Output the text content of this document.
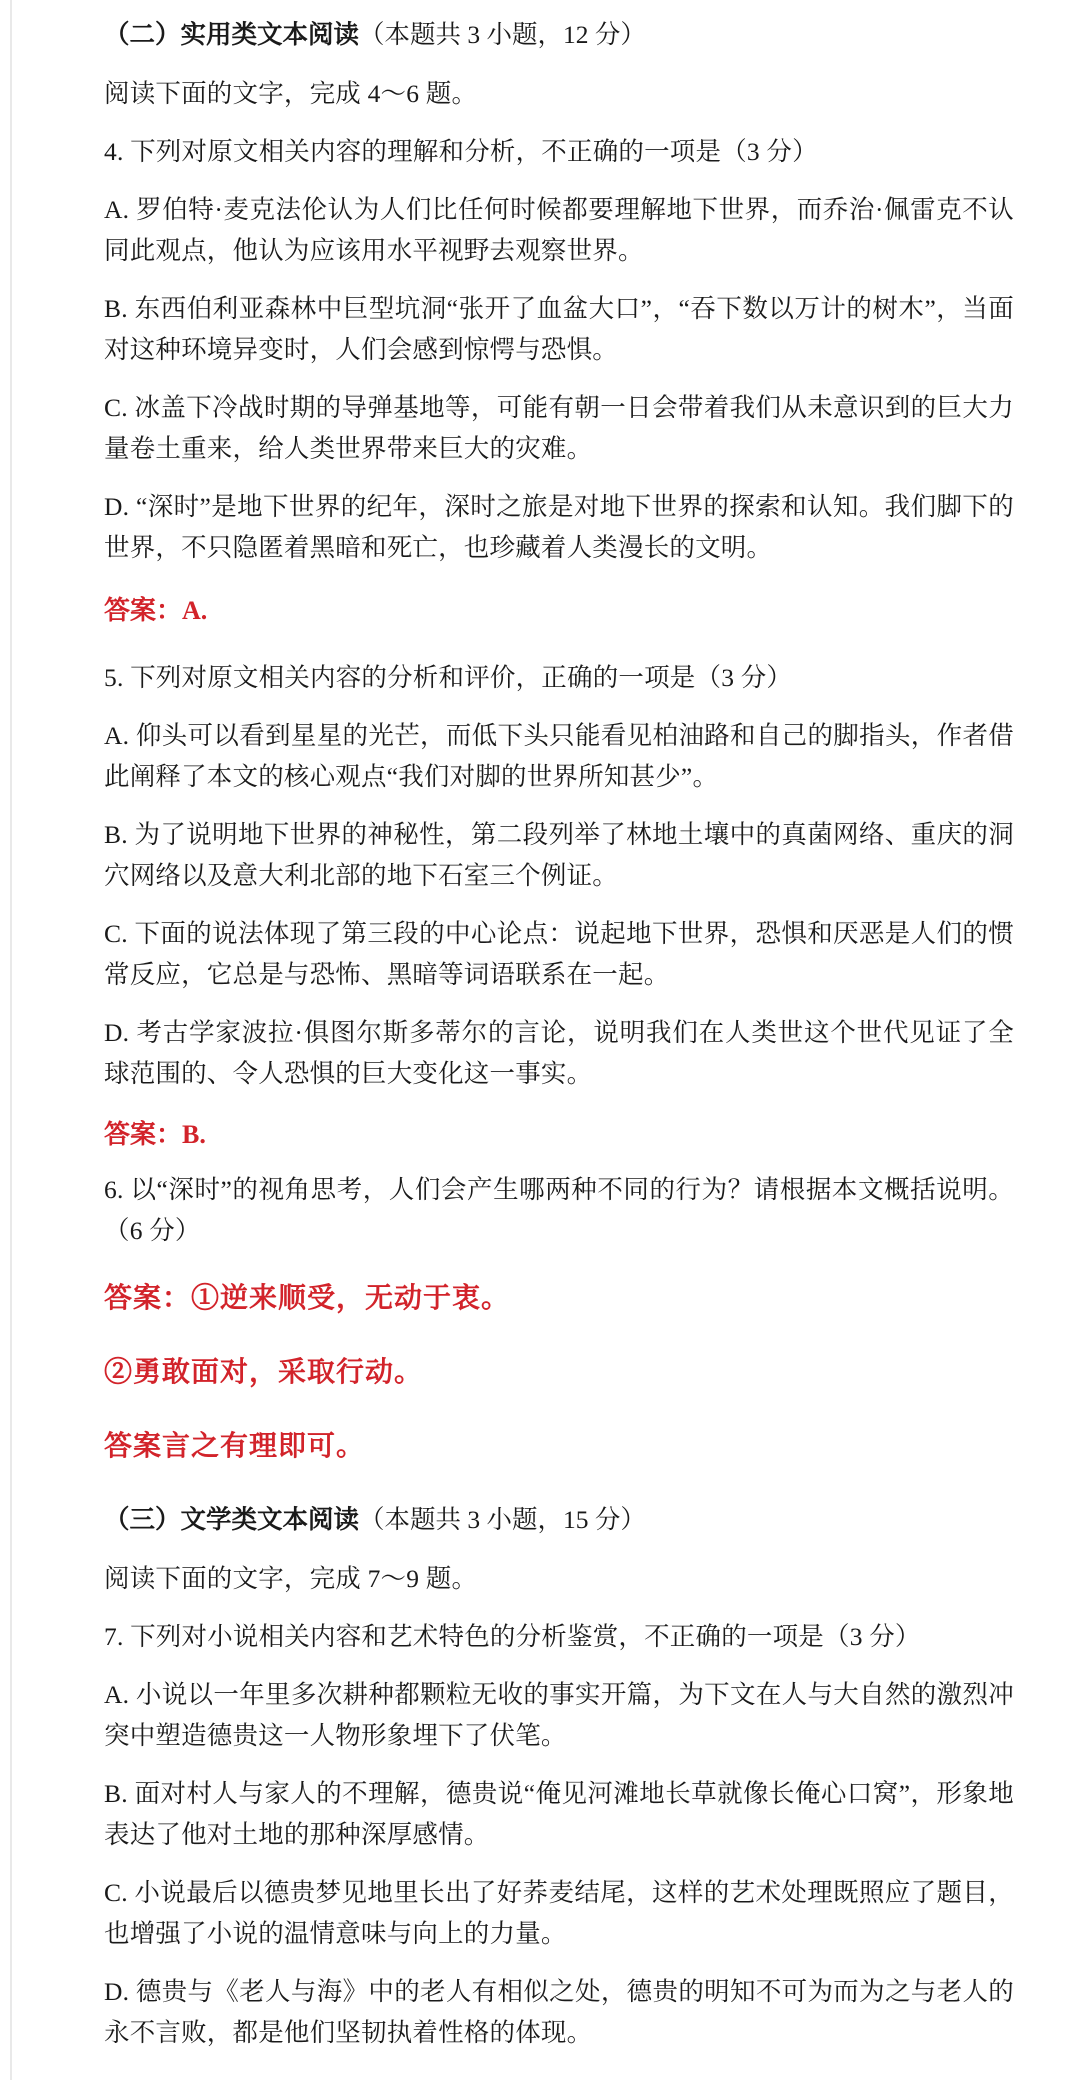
（二）实用类文本阅读（本题共 3 小题，12 分）

阅读下面的文字，完成 4～6 题。

4. 下列对原文相关内容的理解和分析，不正确的一项是（3 分）

A. 罗伯特·麦克法伦认为人们比任何时候都要理解地下世界，而乔治·佩雷克不认同此观点，他认为应该用水平视野去观察世界。

B. 东西伯利亚森林中巨型坑洞“张开了血盆大口”，“吞下数以万计的树木”，当面对这种环境异变时，人们会感到惊愕与恐惧。

C. 冰盖下冷战时期的导弹基地等，可能有朝一日会带着我们从未意识到的巨大力量卷土重来，给人类世界带来巨大的灾难。

D. “深时”是地下世界的纪年，深时之旅是对地下世界的探索和认知。我们脚下的世界，不只隐匿着黑暗和死亡，也珍藏着人类漫长的文明。

答案：A.

5. 下列对原文相关内容的分析和评价，正确的一项是（3 分）

A. 仰头可以看到星星的光芒，而低下头只能看见柏油路和自己的脚指头，作者借此阐释了本文的核心观点“我们对脚的世界所知甚少”。

B. 为了说明地下世界的神秘性，第二段列举了林地土壤中的真菌网络、重庆的洞穴网络以及意大利北部的地下石室三个例证。

C. 下面的说法体现了第三段的中心论点：说起地下世界，恐惧和厌恶是人们的惯常反应，它总是与恐怖、黑暗等词语联系在一起。

D. 考古学家波拉·俱图尔斯多蒂尔的言论，说明我们在人类世这个世代见证了全球范围的、令人恐惧的巨大变化这一事实。

答案：B.

6. 以“深时”的视角思考，人们会产生哪两种不同的行为？请根据本文概括说明。（6 分）

答案：①逆来顺受，无动于衷。

②勇敢面对，采取行动。

答案言之有理即可。

（三）文学类文本阅读（本题共 3 小题，15 分）

阅读下面的文字，完成 7～9 题。

7. 下列对小说相关内容和艺术特色的分析鉴赏，不正确的一项是（3 分）

A. 小说以一年里多次耕种都颗粒无收的事实开篇，为下文在人与大自然的激烈冲突中塑造德贵这一人物形象埋下了伏笔。

B. 面对村人与家人的不理解，德贵说“俺见河滩地长草就像长俺心口窝”，形象地表达了他对土地的那种深厚感情。

C. 小说最后以德贵梦见地里长出了好荞麦结尾，这样的艺术处理既照应了题目，也增强了小说的温情意味与向上的力量。

D. 德贵与《老人与海》中的老人有相似之处，德贵的明知不可为而为之与老人的永不言败，都是他们坚韧执着性格的体现。
